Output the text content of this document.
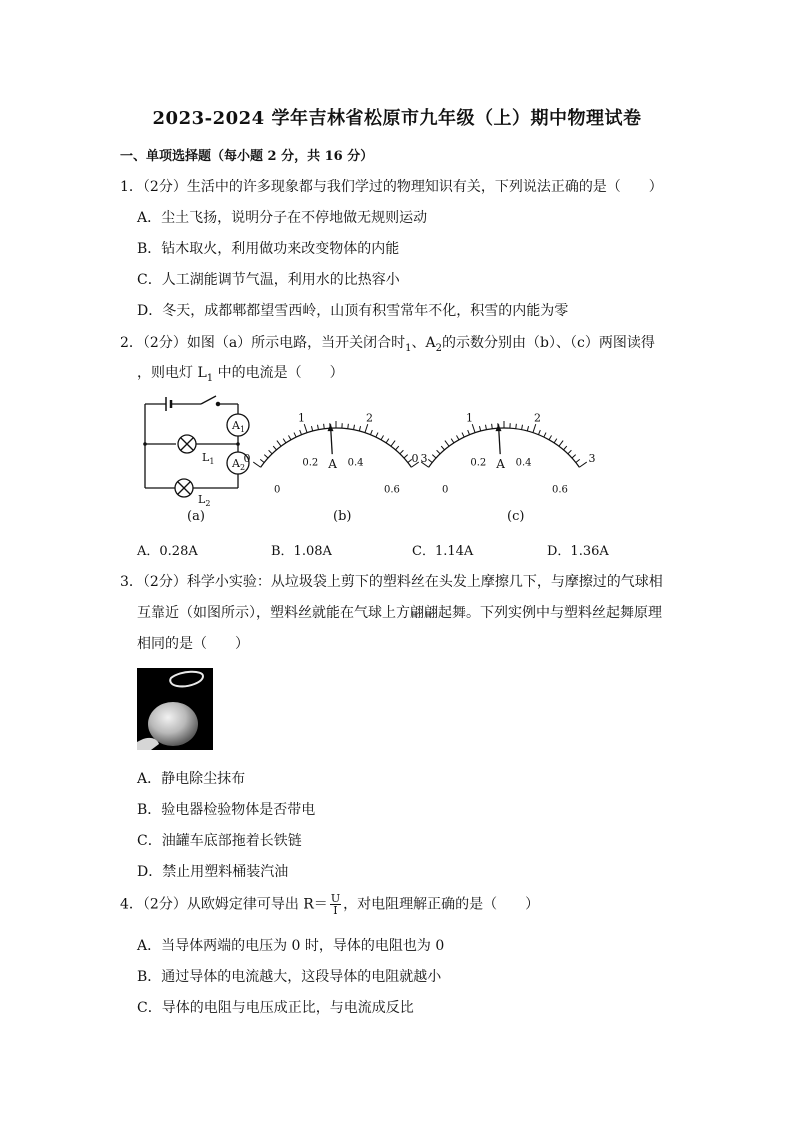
2023-2024 学年吉林省松原市九年级（上）期中物理试卷
一、单项选择题（每小题 2 分，共 16 分）
1．（2分）生活中的许多现象都与我们学过的物理知识有关，下列说法正确的是（　　）
A．尘土飞扬，说明分子在不停地做无规则运动
B．钻木取火，利用做功来改变物体的内能
C．人工湖能调节气温，利用水的比热容小
D．冬天，成都郫都望雪西岭，山顶有积雪常年不化，积雪的内能为零
2．（2分）如图（a）所示电路，当开关闭合时$_1$、$A_2$的示数分别由（b）、（c）两图读得
，则电灯 $L_1$ 中的电流是（　　）
$A_1$
$A_2$
$L_1$
$L_2$
0
1	2
3
0
0.2	0.4
0.6
A	0
1	2
3
0
0.2	0.4
0.6
A
(a)	(b)	(c)
A．0.28A	B．1.08A	C．1.14A	D．1.36A
3．（2分）科学小实验：从垃圾袋上剪下的塑料丝在头发上摩擦几下，与摩擦过的气球相
互靠近（如图所示），塑料丝就能在气球上方翩翩起舞。下列实例中与塑料丝起舞原理
相同的是（　　）
A．静电除尘抹布
B．验电器检验物体是否带电
C．油罐车底部拖着长铁链
D．禁止用塑料桶装汽油
4．（2分）从欧姆定律可导出 $R= \frac{U}{I}$ ，对电阻理解正确的是（　　）
A．当导体两端的电压为 0 时，导体的电阻也为 0
B．通过导体的电流越大，这段导体的电阻就越小
C．导体的电阻与电压成正比，与电流成反比
